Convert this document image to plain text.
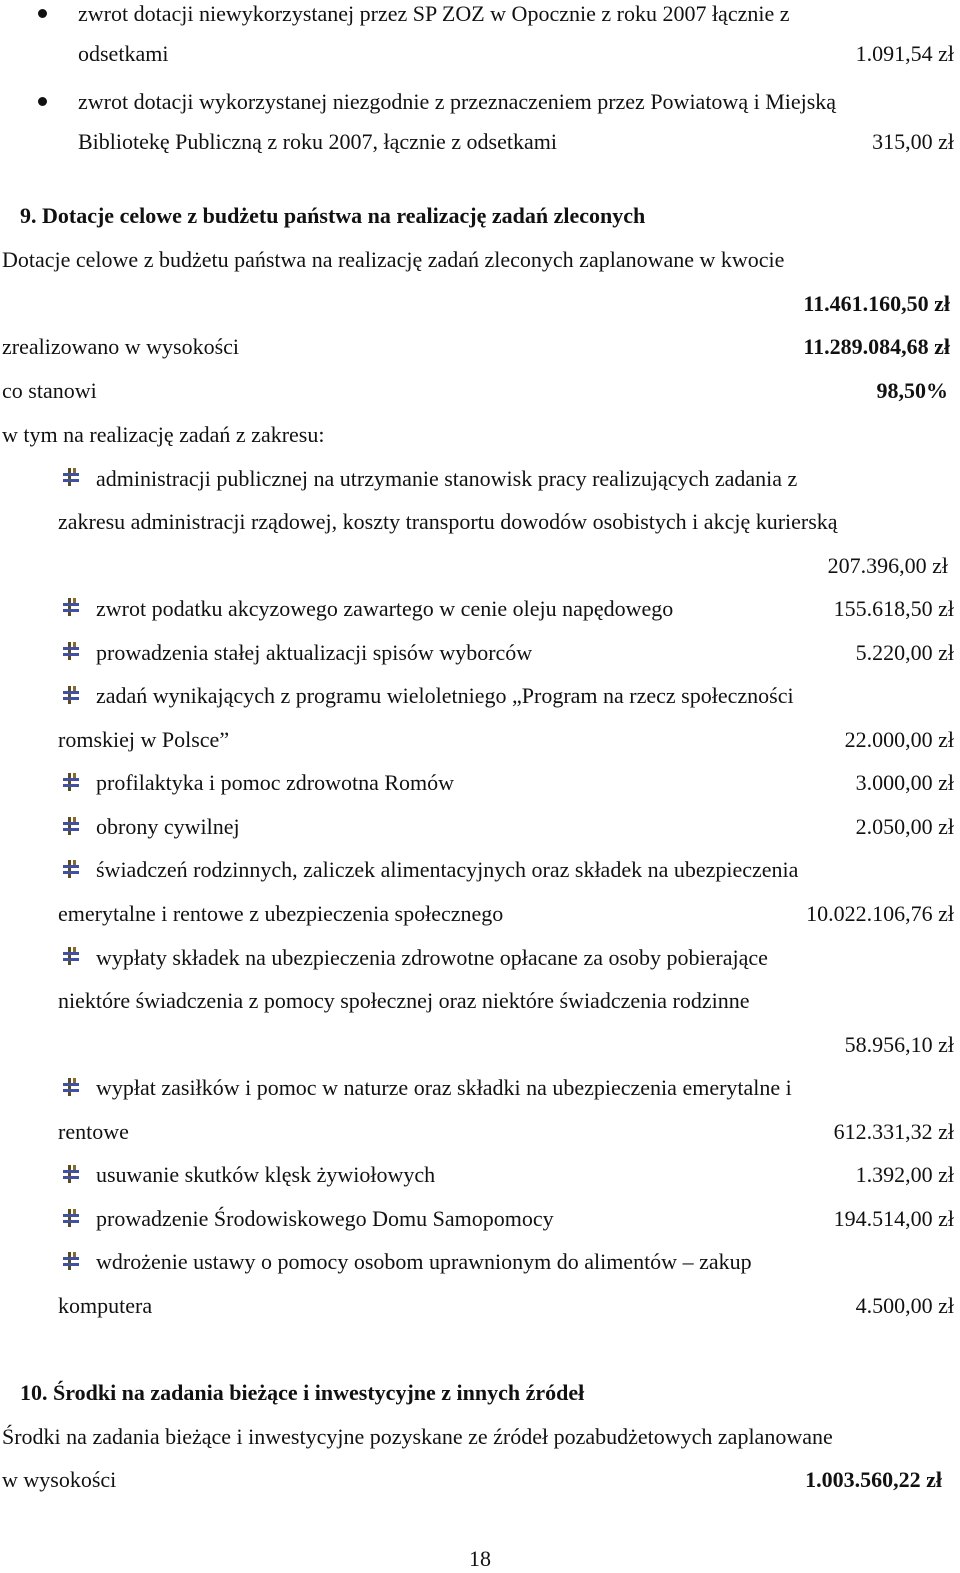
zwrot dotacji niewykorzystanej przez SP ZOZ w Opocznie z roku 2007 łącznie z
odsetkami	1.091,54 zł
zwrot dotacji wykorzystanej niezgodnie z przeznaczeniem przez Powiatową i Miejską
Bibliotekę Publiczną z roku 2007, łącznie z odsetkami	315,00 zł
9. Dotacje celowe z budżetu państwa na realizację zadań zleconych
Dotacje celowe z budżetu państwa na realizację zadań zleconych zaplanowane w kwocie
11.461.160,50 zł
zrealizowano w wysokości	11.289.084,68 zł
co stanowi	98,50%
w tym na realizację zadań z zakresu:
administracji publicznej na utrzymanie stanowisk pracy realizujących zadania z
zakresu administracji rządowej, koszty transportu dowodów osobistych i akcję kurierską
207.396,00 zł
zwrot podatku akcyzowego zawartego w cenie oleju napędowego	155.618,50 zł
prowadzenia stałej aktualizacji spisów wyborców	5.220,00 zł
zadań wynikających z programu wieloletniego „Program na rzecz społeczności
romskiej w Polsce”	22.000,00 zł
profilaktyka i pomoc zdrowotna Romów	3.000,00 zł
obrony cywilnej	2.050,00 zł
świadczeń rodzinnych, zaliczek alimentacyjnych oraz składek na ubezpieczenia
emerytalne i rentowe z ubezpieczenia społecznego	10.022.106,76 zł
wypłaty składek na ubezpieczenia zdrowotne opłacane za osoby pobierające
niektóre świadczenia z pomocy społecznej oraz niektóre świadczenia rodzinne
58.956,10 zł
wypłat zasiłków i pomoc w naturze oraz składki na ubezpieczenia emerytalne i
rentowe	612.331,32 zł
usuwanie skutków klęsk żywiołowych	1.392,00 zł
prowadzenie Środowiskowego Domu Samopomocy	194.514,00 zł
wdrożenie ustawy o pomocy osobom uprawnionym do alimentów – zakup
komputera	4.500,00 zł
10. Środki na zadania bieżące i inwestycyjne z innych źródeł
Środki na zadania bieżące i inwestycyjne pozyskane ze źródeł pozabudżetowych zaplanowane
w wysokości	1.003.560,22 zł
18
